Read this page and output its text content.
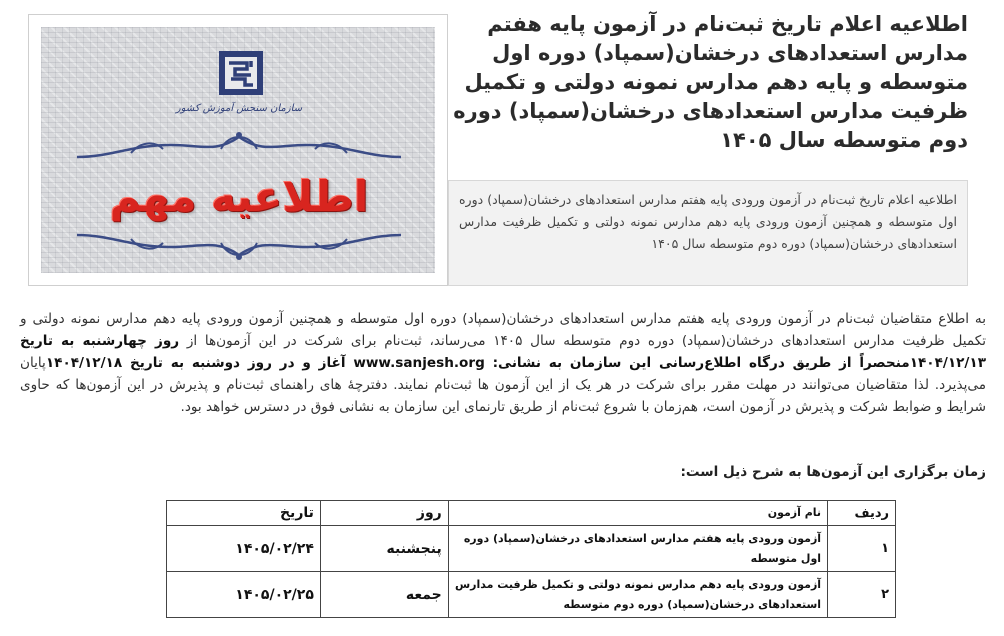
اطلاعیه اعلام تاریخ ثبت‌نام در آزمون پایه هفتم مدارس استعدادهای درخشان(سمپاد) دوره اول متوسطه و پایه دهم مدارس نمونه دولتی و تکمیل ظرفیت مدارس استعدادهای درخشان(سمپاد) دوره دوم متوسطه سال ۱۴۰۵
سازمان سنجش آموزش کشور
اطلاعیه مهم	اطلاعیه اعلام تاریخ ثبت‌نام در آزمون ورودی پایه هفتم مدارس استعدادهای درخشان(سمپاد) دوره اول متوسطه و همچنین آزمون ورودی پایه دهم مدارس نمونه دولتی و تکمیل ظرفیت مدارس استعدادهای درخشان(سمپاد) دوره دوم متوسطه سال ۱۴۰۵

به اطلاع متقاضیان ثبت‌نام در آزمون ورودی پایه هفتم مدارس استعدادهای درخشان(سمپاد) دوره اول متوسطه و همچنین آزمون ورودی پایه دهم مدارس نمونه دولتی و تکمیل ظرفیت مدارس استعدادهای درخشان(سمپاد) دوره دوم متوسطه سال ۱۴۰۵ می‌رساند، ثبت‌نام برای شرکت در این آزمون‌ها از روز چهارشنبه به تاریخ ۱۴۰۴/۱۲/۱۳منحصراً از طریق درگاه اطلاع‌رسانی این سازمان به نشانی: www.sanjesh.org آغاز و در روز دوشنبه به تاریخ ۱۴۰۴/۱۲/۱۸پایان می‌پذیرد. لذا متقاضیان می‌توانند در مهلت مقرر برای شرکت در هر یک از این آزمون ها ثبت‌نام نمایند. دفترچهٔ های راهنمای ثبت‌نام و پذیرش در این آزمون‌ها که حاوی شرایط و ضوابط شرکت و پذیرش در آزمون است، هم‌زمان با شروع ثبت‌نام از طریق تارنمای این سازمان به نشانی فوق در دسترس خواهد بود.

زمان برگزاری این آزمون‌ها به شرح ذیل است:
ردیف	نام آزمون	روز	تاریخ
۱	آزمون ورودی پایه هفتم مدارس استعدادهای درخشان(سمپاد) دوره اول متوسطه	پنجشنبه	۱۴۰۵/۰۲/۲۴
۲	آزمون ورودی پایه دهم مدارس نمونه دولتی و تکمیل ظرفیت مدارس استعدادهای درخشان(سمپاد) دوره دوم متوسطه	جمعه	۱۴۰۵/۰۲/۲۵
